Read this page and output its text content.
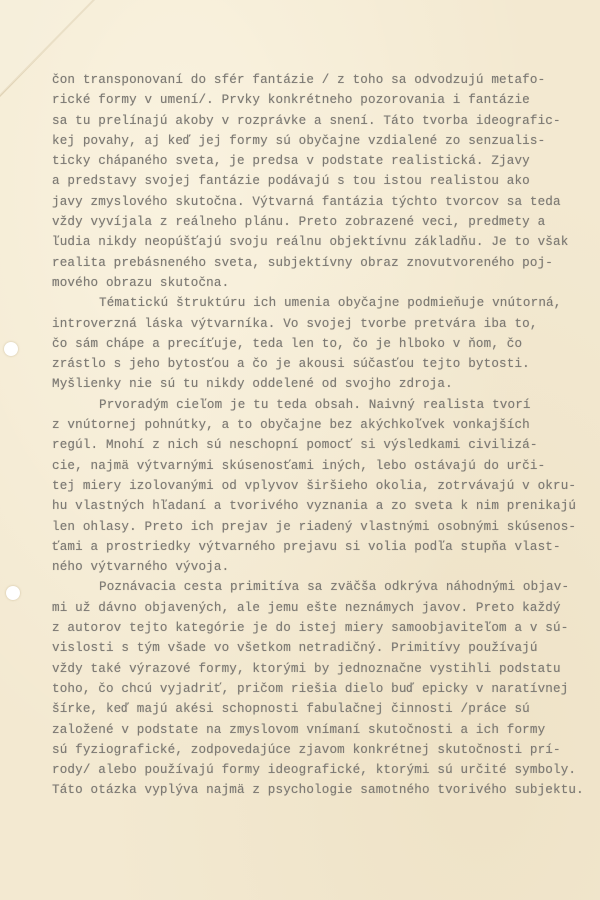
čon transponovaní do sfér fantázie / z toho sa odvodzujú metafo-
rické formy v umení/. Prvky konkrétneho pozorovania i fantázie
sa tu prelínajú akoby v rozprávke a snení. Táto tvorba ideografic-
kej povahy, aj keď jej formy sú obyčajne vzdialené zo senzualis-
ticky chápaného sveta, je predsa v podstate realistická. Zjavy
a predstavy svojej fantázie podávajú s tou istou realistou ako
javy zmyslového skutočna. Výtvarná fantázia týchto tvorcov sa teda
vždy vyvíjala z reálneho plánu. Preto zobrazené veci, predmety a
ľudia nikdy neopúšťajú svoju reálnu objektívnu základňu. Je to však
realita prebásneného sveta, subjektívny obraz znovutvoreného poj-
mového obrazu skutočna.
Tématickú štruktúru ich umenia obyčajne podmieňuje vnútorná,
introverzná láska výtvarníka. Vo svojej tvorbe pretvára iba to,
čo sám chápe a precíťuje, teda len to, čo je hlboko v ňom, čo
zrástlo s jeho bytosťou a čo je akousi súčasťou tejto bytosti.
Myšlienky nie sú tu nikdy oddelené od svojho zdroja.
Prvoradým cieľom je tu teda obsah. Naivný realista tvorí
z vnútornej pohnútky, a to obyčajne bez akýchkoľvek vonkajších
regúl. Mnohí z nich sú neschopní pomocť si výsledkami civilizá-
cie, najmä výtvarnými skúsenosťami iných, lebo ostávajú do urči-
tej miery izolovanými od vplyvov širšieho okolia, zotrvávajú v okru-
hu vlastných hľadaní a tvorivého vyznania a zo sveta k nim prenikajú
len ohlasy. Preto ich prejav je riadený vlastnými osobnými skúsenos-
ťami a prostriedky výtvarného prejavu si volia podľa stupňa vlast-
ného výtvarného vývoja.
Poznávacia cesta primitíva sa zväčša odkrýva náhodnými objav-
mi už dávno objavených, ale jemu ešte neznámych javov. Preto každý
z autorov tejto kategórie je do istej miery samoobjaviteľom a v sú-
vislosti s tým všade vo všetkom netradičný. Primitívy používajú
vždy také výrazové formy, ktorými by jednoznačne vystihli podstatu
toho, čo chcú vyjadriť, pričom riešia dielo buď epicky v naratívnej
šírke, keď majú akési schopnosti fabulačnej činnosti /práce sú
založené v podstate na zmyslovom vnímaní skutočnosti a ich formy
sú fyziografické, zodpovedajúce zjavom konkrétnej skutočnosti prí-
rody/ alebo používajú formy ideografické, ktorými sú určité symboly.
Táto otázka vyplýva najmä z psychologie samotného tvorivého subjektu.
